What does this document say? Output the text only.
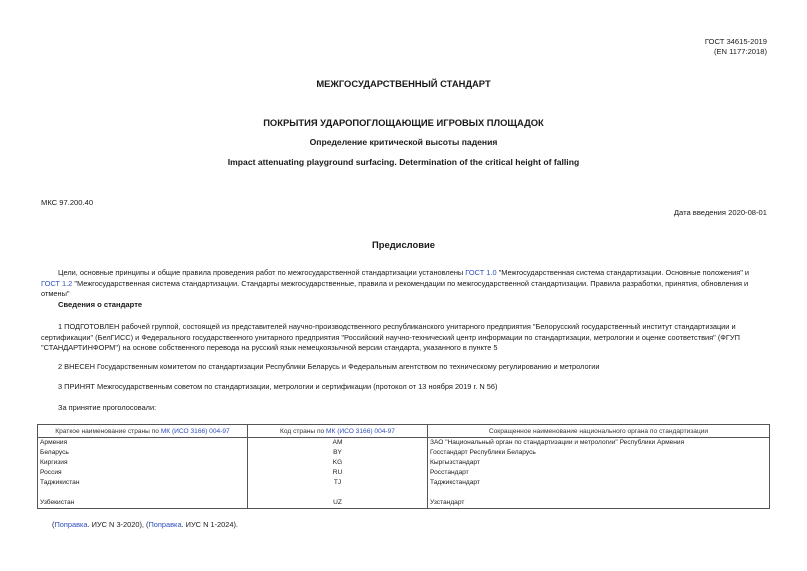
ГОСТ 34615-2019
(EN 1177:2018)
МЕЖГОСУДАРСТВЕННЫЙ СТАНДАРТ
ПОКРЫТИЯ УДАРОПОГЛОЩАЮЩИЕ ИГРОВЫХ ПЛОЩАДОК
Определение критической высоты падения
Impact attenuating playground surfacing. Determination of the critical height of falling
МКС 97.200.40
Дата введения 2020-08-01
Предисловие
Цели, основные принципы и общие правила проведения работ по межгосударственной стандартизации установлены ГОСТ 1.0 "Межгосударственная система стандартизации. Основные положения" и ГОСТ 1.2 "Межгосударственная система стандартизации. Стандарты межгосударственные, правила и рекомендации по межгосударственной стандартизации. Правила разработки, принятия, обновления и отмены"
Сведения о стандарте
1 ПОДГОТОВЛЕН рабочей группой, состоящей из представителей научно-производственного республиканского унитарного предприятия "Белорусский государственный институт стандартизации и сертификации" (БелГИСС) и Федерального государственного унитарного предприятия "Российский научно-технический центр информации по стандартизации, метрологии и оценке соответствия" (ФГУП "СТАНДАРТИНФОРМ") на основе собственного перевода на русский язык немецкоязычной версии стандарта, указанного в пункте 5
2 ВНЕСЕН Государственным комитетом по стандартизации Республики Беларусь и Федеральным агентством по техническому регулированию и метрологии
3 ПРИНЯТ Межгосударственным советом по стандартизации, метрологии и сертификации (протокол от 13 ноября 2019 г. N 56)
За принятие проголосовали:
Краткое наименование страны по МК (ИСО 3166) 004-97	Код страны по МК (ИСО 3166) 004-97	Сокращенное наименование национального органа по стандартизации
Армения	AM	ЗАО "Национальный орган по стандартизации и метрологии" Республики Армения
Беларусь	BY	Госстандарт Республики Беларусь
Киргизия	KG	Кыргызстандарт
Россия	RU	Росстандарт
Таджикистан	TJ	Таджикстандарт
Узбекистан	UZ	Узстандарт
(Поправка. ИУС N 3-2020), (Поправка. ИУС N 1-2024).
